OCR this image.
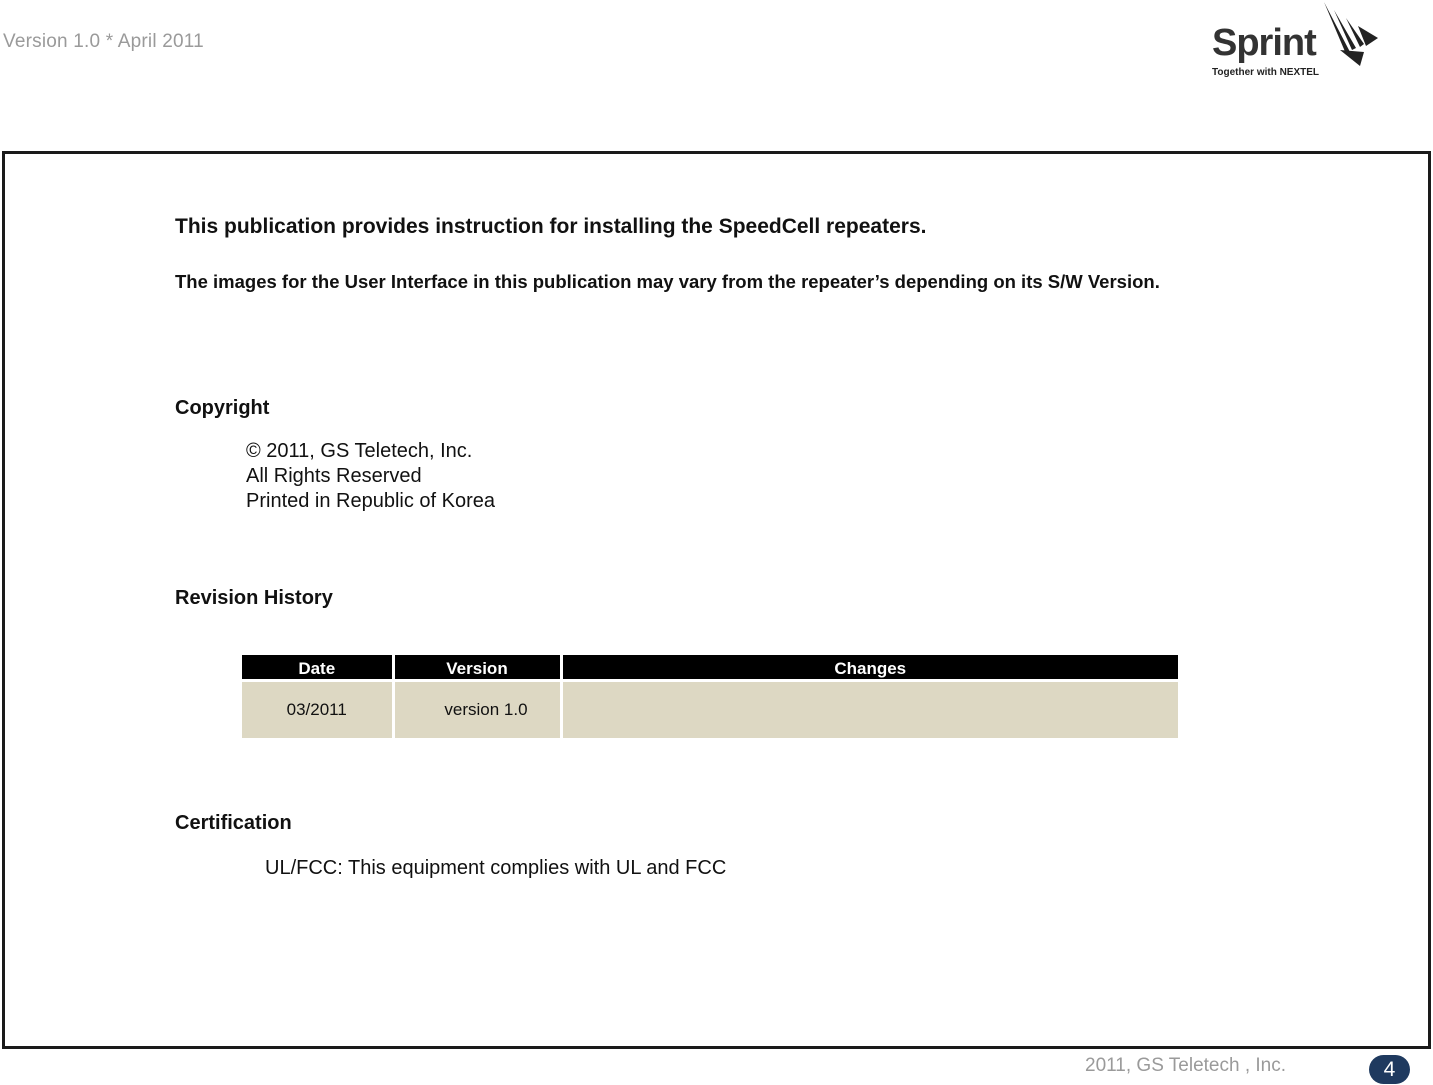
Version 1.0 * April 2011	Sprint
Together with NEXTEL
This publication provides instruction for installing the SpeedCell repeaters.
The images for the User Interface in this publication may vary from the repeater’s depending on its S/W Version.
Copyright
© 2011, GS Teletech, Inc.
All Rights Reserved
Printed in Republic of Korea
Revision History
Date	Version	Changes
03/2011	version 1.0	
Certification
UL/FCC: This equipment complies with UL and FCC
2011, GS Teletech , Inc.	4
